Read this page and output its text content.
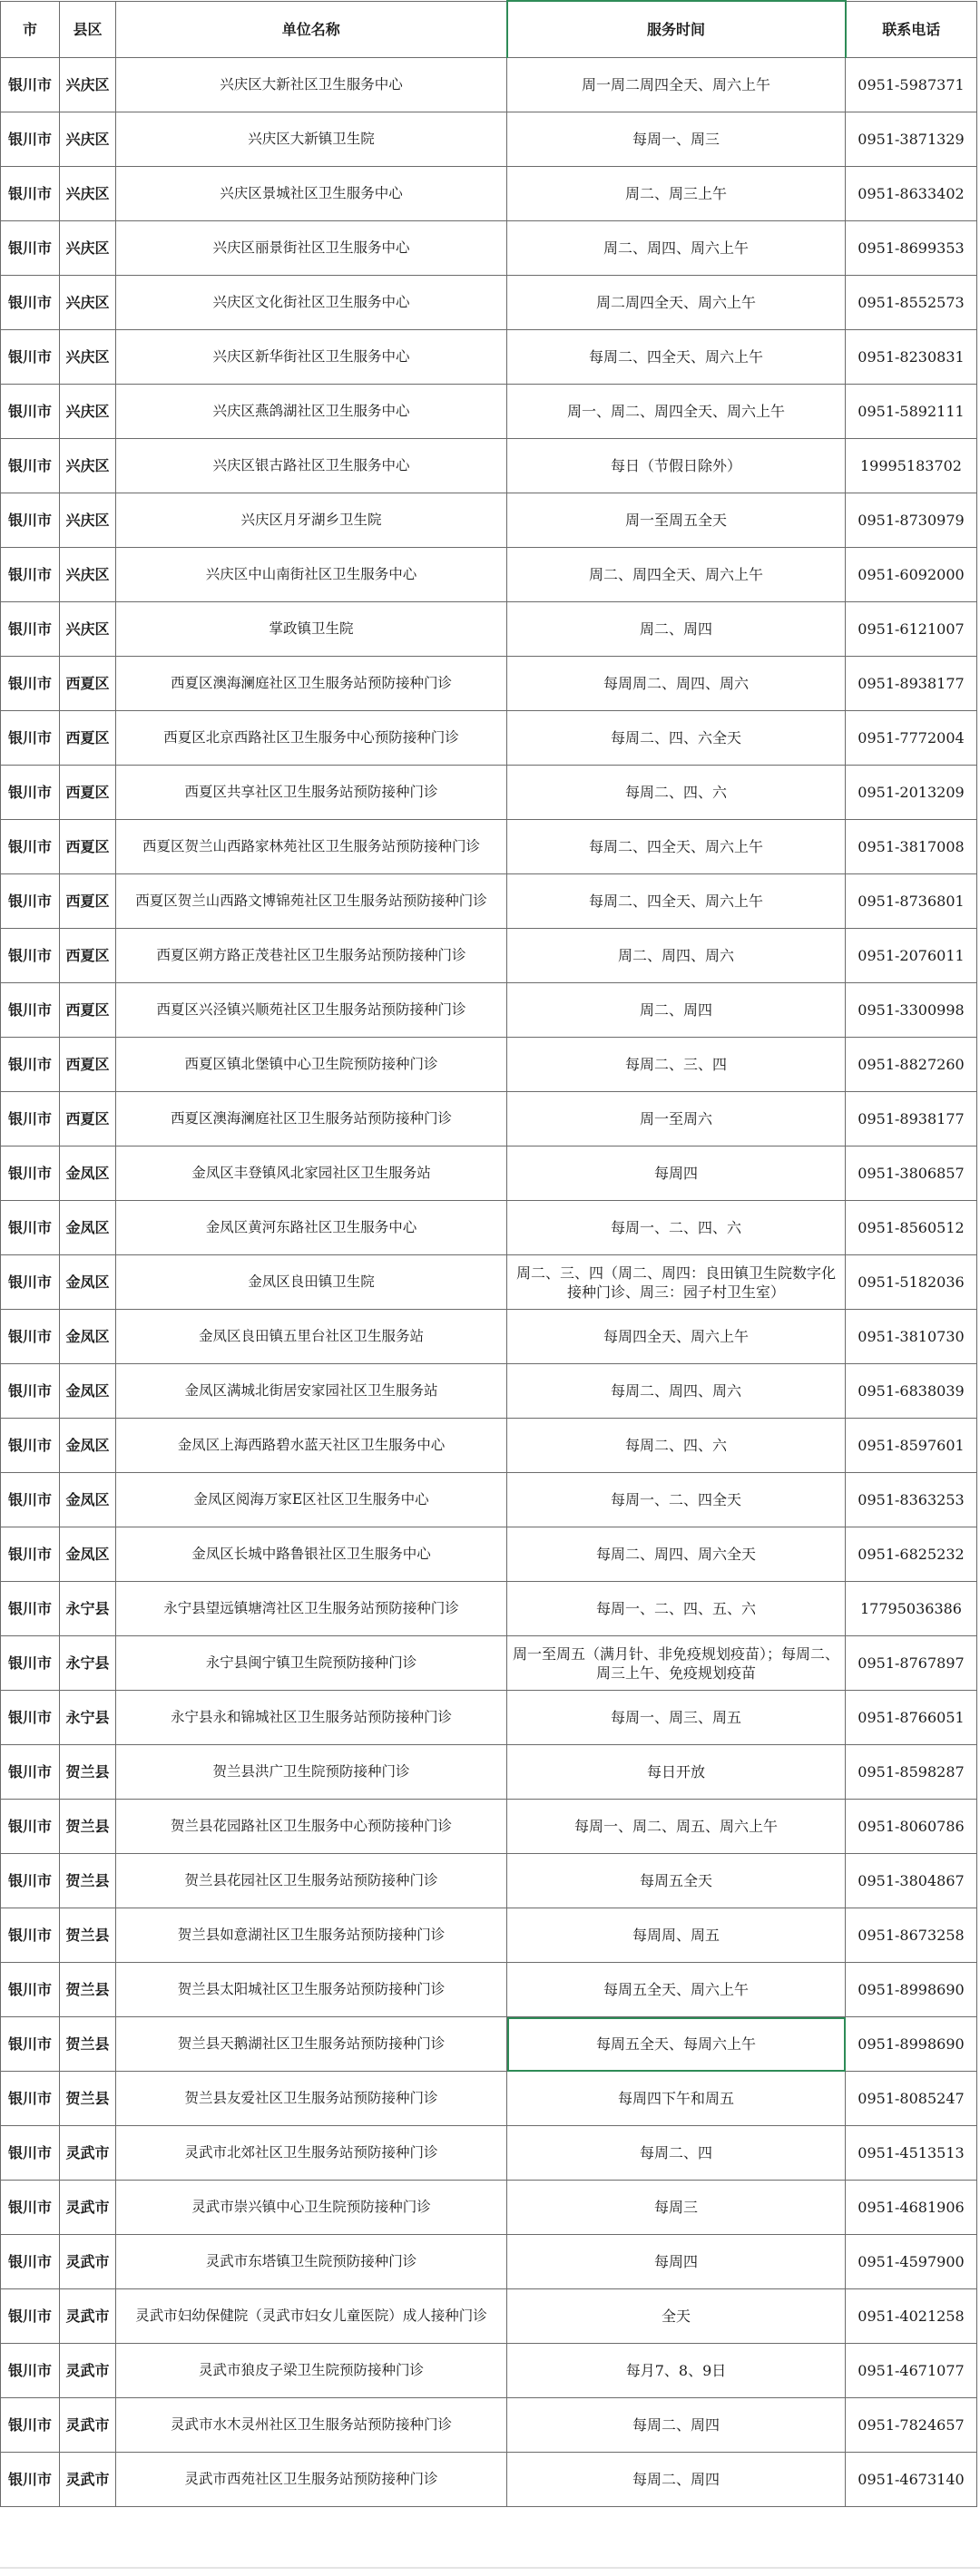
市	县区	单位名称	服务时间	联系电话
银川市	兴庆区	兴庆区大新社区卫生服务中心	周一周二周四全天、周六上午	0951-5987371
银川市	兴庆区	兴庆区大新镇卫生院	每周一、周三	0951-3871329
银川市	兴庆区	兴庆区景城社区卫生服务中心	周二、周三上午	0951-8633402
银川市	兴庆区	兴庆区丽景街社区卫生服务中心	周二、周四、周六上午	0951-8699353
银川市	兴庆区	兴庆区文化街社区卫生服务中心	周二周四全天、周六上午	0951-8552573
银川市	兴庆区	兴庆区新华街社区卫生服务中心	每周二、四全天、周六上午	0951-8230831
银川市	兴庆区	兴庆区燕鸽湖社区卫生服务中心	周一、周二、周四全天、周六上午	0951-5892111
银川市	兴庆区	兴庆区银古路社区卫生服务中心	每日（节假日除外）	19995183702
银川市	兴庆区	兴庆区月牙湖乡卫生院	周一至周五全天	0951-8730979
银川市	兴庆区	兴庆区中山南街社区卫生服务中心	周二、周四全天、周六上午	0951-6092000
银川市	兴庆区	掌政镇卫生院	周二、周四	0951-6121007
银川市	西夏区	西夏区澳海澜庭社区卫生服务站预防接种门诊	每周周二、周四、周六	0951-8938177
银川市	西夏区	西夏区北京西路社区卫生服务中心预防接种门诊	每周二、四、六全天	0951-7772004
银川市	西夏区	西夏区共享社区卫生服务站预防接种门诊	每周二、四、六	0951-2013209
银川市	西夏区	西夏区贺兰山西路家林苑社区卫生服务站预防接种门诊	每周二、四全天、周六上午	0951-3817008
银川市	西夏区	西夏区贺兰山西路文博锦苑社区卫生服务站预防接种门诊	每周二、四全天、周六上午	0951-8736801
银川市	西夏区	西夏区朔方路正茂巷社区卫生服务站预防接种门诊	周二、周四、周六	0951-2076011
银川市	西夏区	西夏区兴泾镇兴顺苑社区卫生服务站预防接种门诊	周二、周四	0951-3300998
银川市	西夏区	西夏区镇北堡镇中心卫生院预防接种门诊	每周二、三、四	0951-8827260
银川市	西夏区	西夏区澳海澜庭社区卫生服务站预防接种门诊	周一至周六	0951-8938177
银川市	金凤区	金凤区丰登镇风北家园社区卫生服务站	每周四	0951-3806857
银川市	金凤区	金凤区黄河东路社区卫生服务中心	每周一、二、四、六	0951-8560512
银川市	金凤区	金凤区良田镇卫生院	周二、三、四（周二、周四：良田镇卫生院数字化接种门诊、周三：园子村卫生室）	0951-5182036
银川市	金凤区	金凤区良田镇五里台社区卫生服务站	每周四全天、周六上午	0951-3810730
银川市	金凤区	金凤区满城北街居安家园社区卫生服务站	每周二、周四、周六	0951-6838039
银川市	金凤区	金凤区上海西路碧水蓝天社区卫生服务中心	每周二、四、六	0951-8597601
银川市	金凤区	金凤区阅海万家E区社区卫生服务中心	每周一、二、四全天	0951-8363253
银川市	金凤区	金凤区长城中路鲁银社区卫生服务中心	每周二、周四、周六全天	0951-6825232
银川市	永宁县	永宁县望远镇塘湾社区卫生服务站预防接种门诊	每周一、二、四、五、六	17795036386
银川市	永宁县	永宁县闽宁镇卫生院预防接种门诊	周一至周五（满月针、非免疫规划疫苗）；每周二、周三上午、免疫规划疫苗	0951-8767897
银川市	永宁县	永宁县永和锦城社区卫生服务站预防接种门诊	每周一、周三、周五	0951-8766051
银川市	贺兰县	贺兰县洪广卫生院预防接种门诊	每日开放	0951-8598287
银川市	贺兰县	贺兰县花园路社区卫生服务中心预防接种门诊	每周一、周二、周五、周六上午	0951-8060786
银川市	贺兰县	贺兰县花园社区卫生服务站预防接种门诊	每周五全天	0951-3804867
银川市	贺兰县	贺兰县如意湖社区卫生服务站预防接种门诊	每周周、周五	0951-8673258
银川市	贺兰县	贺兰县太阳城社区卫生服务站预防接种门诊	每周五全天、周六上午	0951-8998690
银川市	贺兰县	贺兰县天鹅湖社区卫生服务站预防接种门诊	每周五全天、每周六上午	0951-8998690
银川市	贺兰县	贺兰县友爱社区卫生服务站预防接种门诊	每周四下午和周五	0951-8085247
银川市	灵武市	灵武市北郊社区卫生服务站预防接种门诊	每周二、四	0951-4513513
银川市	灵武市	灵武市崇兴镇中心卫生院预防接种门诊	每周三	0951-4681906
银川市	灵武市	灵武市东塔镇卫生院预防接种门诊	每周四	0951-4597900
银川市	灵武市	灵武市妇幼保健院（灵武市妇女儿童医院）成人接种门诊	全天	0951-4021258
银川市	灵武市	灵武市狼皮子梁卫生院预防接种门诊	每月7、8、9日	0951-4671077
银川市	灵武市	灵武市水木灵州社区卫生服务站预防接种门诊	每周二、周四	0951-7824657
银川市	灵武市	灵武市西苑社区卫生服务站预防接种门诊	每周二、周四	0951-4673140
